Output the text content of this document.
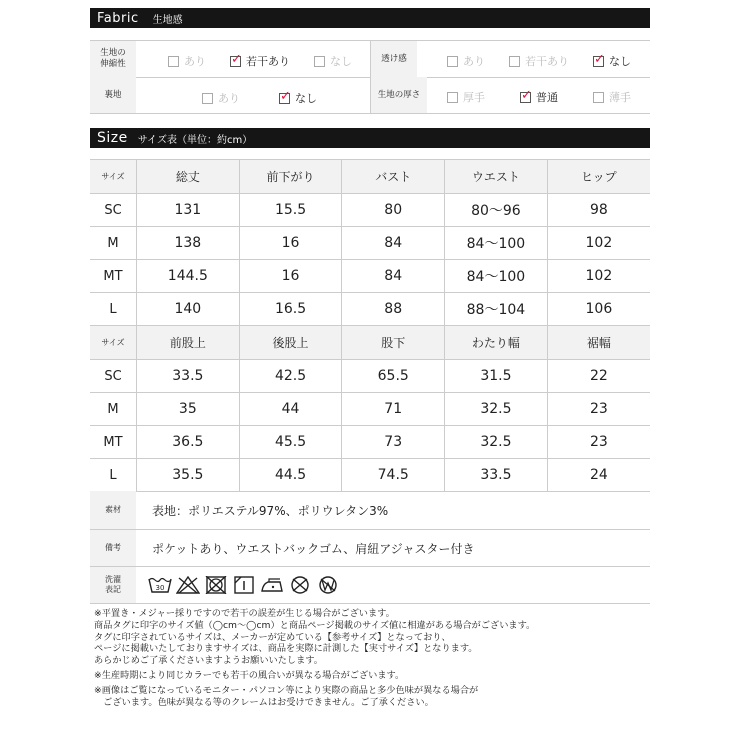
Fabric 生地感
生地の
伸縮性	あり ✓	若干あり	なし	透け感	あり	若干あり ✓	なし
裏地	あり ✓	なし	生地の厚さ	厚手 ✓	普通	薄手
Size サイズ表（単位：約cm）
サイズ	総丈	前下がり	バスト	ウエスト	ヒップ
SC	131	15.5	80	80～96	98
M	138	16	84	84～100	102
MT	144.5	16	84	84～100	102
L	140	16.5	88	88～104	106
サイズ	前股上	後股上	股下	わたり幅	裾幅
SC	33.5	42.5	65.5	31.5	22
M	35	44	71	32.5	23
MT	36.5	45.5	73	32.5	23
L	35.5	44.5	74.5	33.5	24
素材	表地：ポリエステル97%、ポリウレタン3%
備考	ポケットあり、ウエストバックゴム、肩紐アジャスター付き
洗濯
表記	30
※平置き・メジャー採りですので若干の誤差が生じる場合がございます。
商品タグに印字のサイズ値（◯cm～◯cm）と商品ページ掲載のサイズ値に相違がある場合がございます。
タグに印字されているサイズは、メーカーが定めている【参考サイズ】となっており、
ページに掲載いたしておりますサイズは、商品を実際に計測した【実寸サイズ】となります。
あらかじめご了承くださいますようお願いいたします。
※生産時期により同じカラーでも若干の風合いが異なる場合がございます。
※画像はご覧になっているモニター・パソコン等により実際の商品と多少色味が異なる場合が
　ございます。色味が異なる等のクレームはお受けできません。ご了承ください。
